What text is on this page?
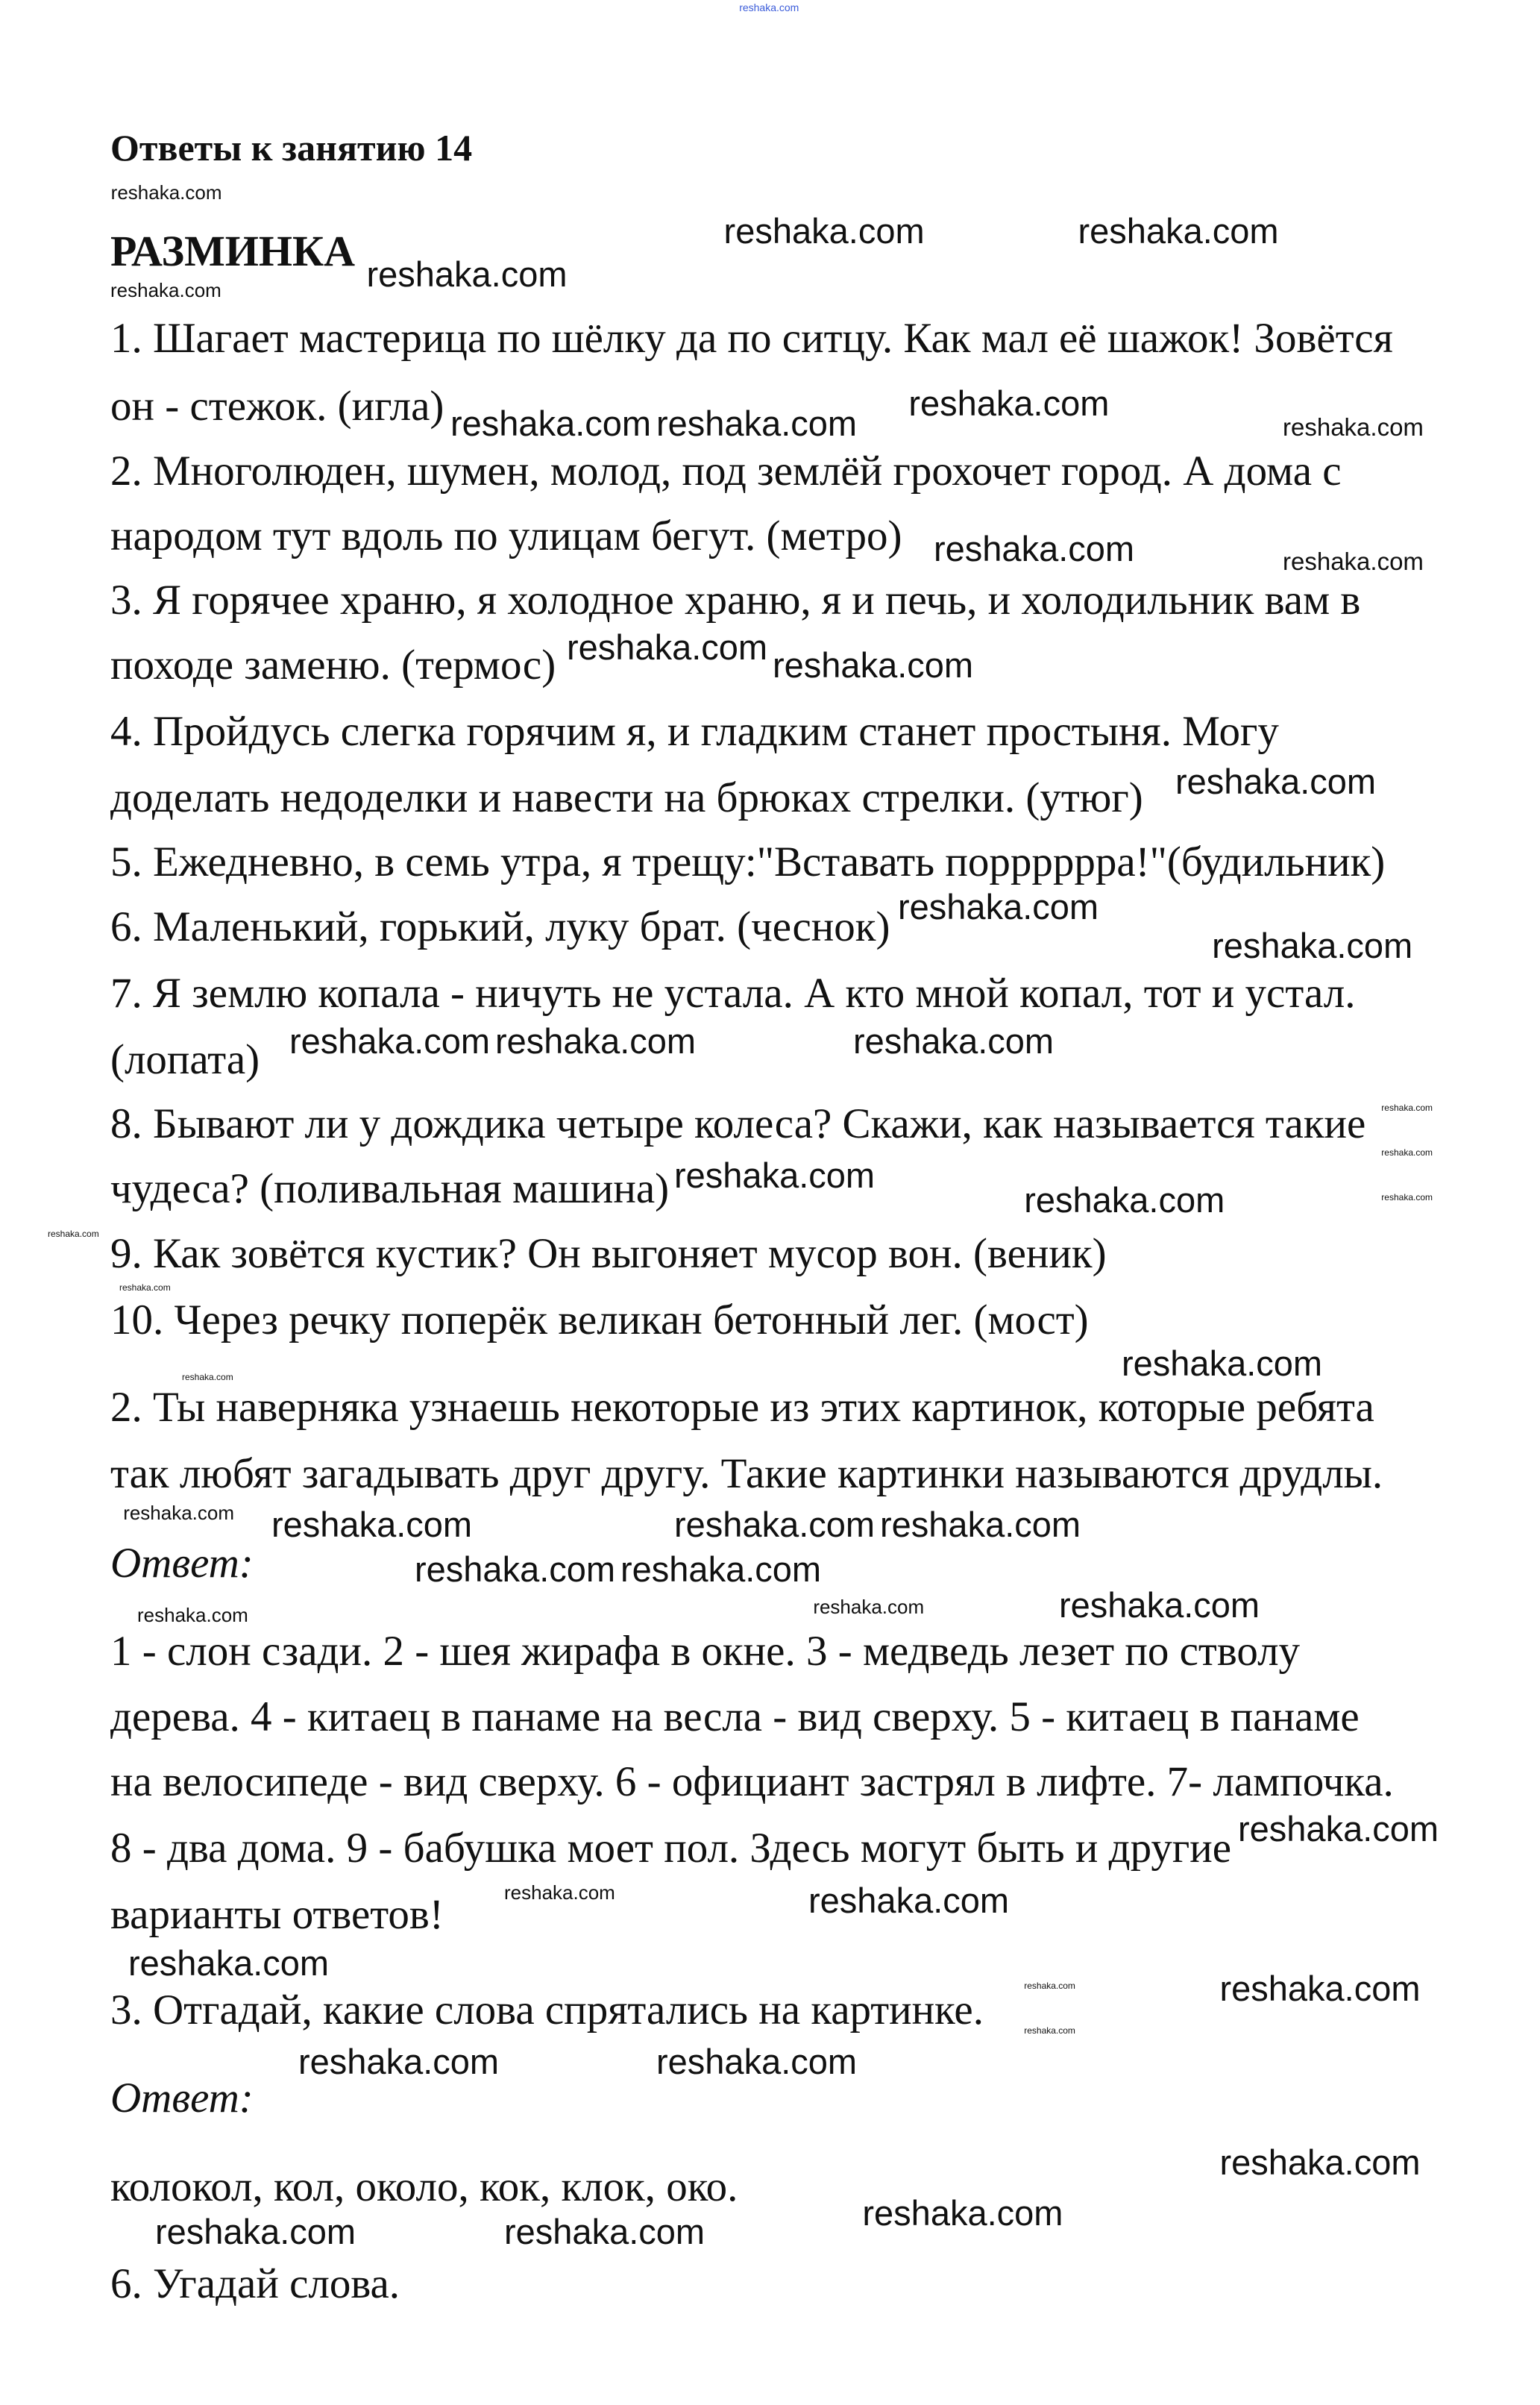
Ответы к занятию 14
РАЗМИНКА
1. Шагает мастерица по шёлку да по ситцу. Как мал её шажок! Зовётся
он - стежок. (игла)
2. Многолюден, шумен, молод, под землёй грохочет город. А дома с
народом тут вдоль по улицам бегут. (метро)
3. Я горячее храню, я холодное храню, я и печь, и холодильник вам в
походе заменю. (термос)
4. Пройдусь слегка горячим я, и гладким станет простыня. Могу
доделать недоделки и навести на брюках стрелки. (утюг)
5. Ежедневно, в семь утра, я трещу:"Вставать порррррра!"(будильник)
6. Маленький, горький, луку брат. (чеснок)
7. Я землю копала - ничуть не устала. А кто мной копал, тот и устал.
(лопата)
8. Бывают ли у дождика четыре колеса? Скажи, как называется такие
чудеса? (поливальная машина)
9. Как зовётся кустик? Он выгоняет мусор вон. (веник)
10. Через речку поперёк великан бетонный лег. (мост)
2. Ты наверняка узнаешь некоторые из этих картинок, которые ребята
так любят загадывать друг другу. Такие картинки называются друдлы.
Ответ:
1 - слон сзади. 2 - шея жирафа в окне. 3 - медведь лезет по стволу
дерева. 4 - китаец в панаме на весла - вид сверху. 5 - китаец в панаме
на велосипеде - вид сверху. 6 - официант застрял в лифте. 7- лампочка.
8 - два дома. 9 - бабушка моет пол. Здесь могут быть и другие
варианты ответов!
3. Отгадай, какие слова спрятались на картинке.
Ответ:
колокол, кол, около, кок, клок, око.
6. Угадай слова.
reshaka.com
reshaka.com
reshaka.com	reshaka.com
reshaka.com
reshaka.com
reshaka.com
reshaka.com reshaka.com	reshaka.com
reshaka.com	reshaka.com
reshaka.com reshaka.com
reshaka.com
reshaka.com
reshaka.com
reshaka.com
reshaka.com	reshaka.com
reshaka.com
reshaka.com
reshaka.com
reshaka.com
reshaka.com
reshaka.com
reshaka.com	reshaka.com
reshaka.com
reshaka.com
reshaka.com
reshaka.com
reshaka.com
reshaka.com
reshaka.com	reshaka.com
reshaka.com
reshaka.com
reshaka.com
reshaka.com	reshaka.com
reshaka.com
reshaka.com
reshaka.com
reshaka.com
reshaka.com	reshaka.com
reshaka.com
reshaka.com	reshaka.com	reshaka.com
